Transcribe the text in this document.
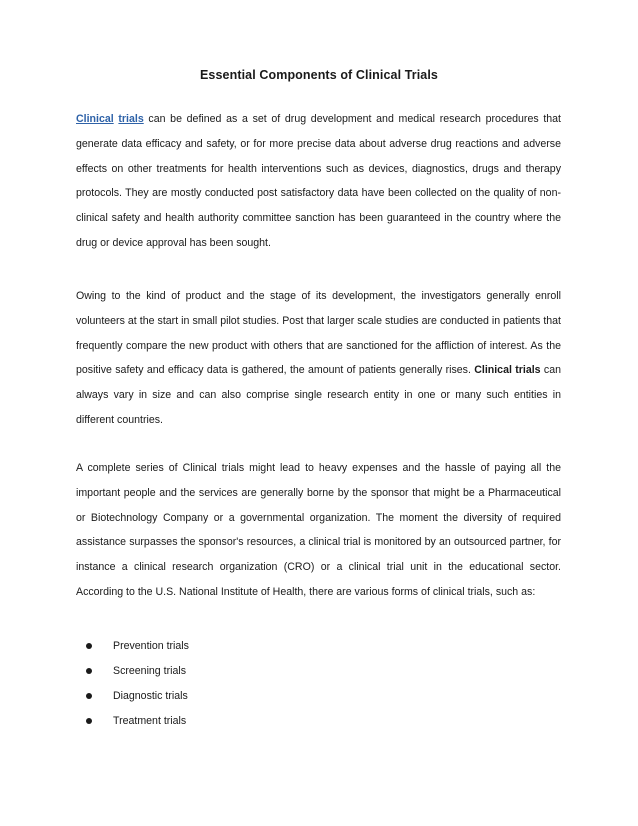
Essential Components of Clinical Trials
Clinical trials can be defined as a set of drug development and medical research procedures that generate data efficacy and safety, or for more precise data about adverse drug reactions and adverse effects on other treatments for health interventions such as devices, diagnostics, drugs and therapy protocols. They are mostly conducted post satisfactory data have been collected on the quality of non-clinical safety and health authority committee sanction has been guaranteed in the country where the drug or device approval has been sought.
Owing to the kind of product and the stage of its development, the investigators generally enroll volunteers at the start in small pilot studies. Post that larger scale studies are conducted in patients that frequently compare the new product with others that are sanctioned for the affliction of interest. As the positive safety and efficacy data is gathered, the amount of patients generally rises. Clinical trials can always vary in size and can also comprise single research entity in one or many such entities in different countries.
A complete series of Clinical trials might lead to heavy expenses and the hassle of paying all the important people and the services are generally borne by the sponsor that might be a Pharmaceutical or Biotechnology Company or a governmental organization. The moment the diversity of required assistance surpasses the sponsor's resources, a clinical trial is monitored by an outsourced partner, for instance a clinical research organization (CRO) or a clinical trial unit in the educational sector. According to the U.S. National Institute of Health, there are various forms of clinical trials, such as:
Prevention trials
Screening trials
Diagnostic trials
Treatment trials
